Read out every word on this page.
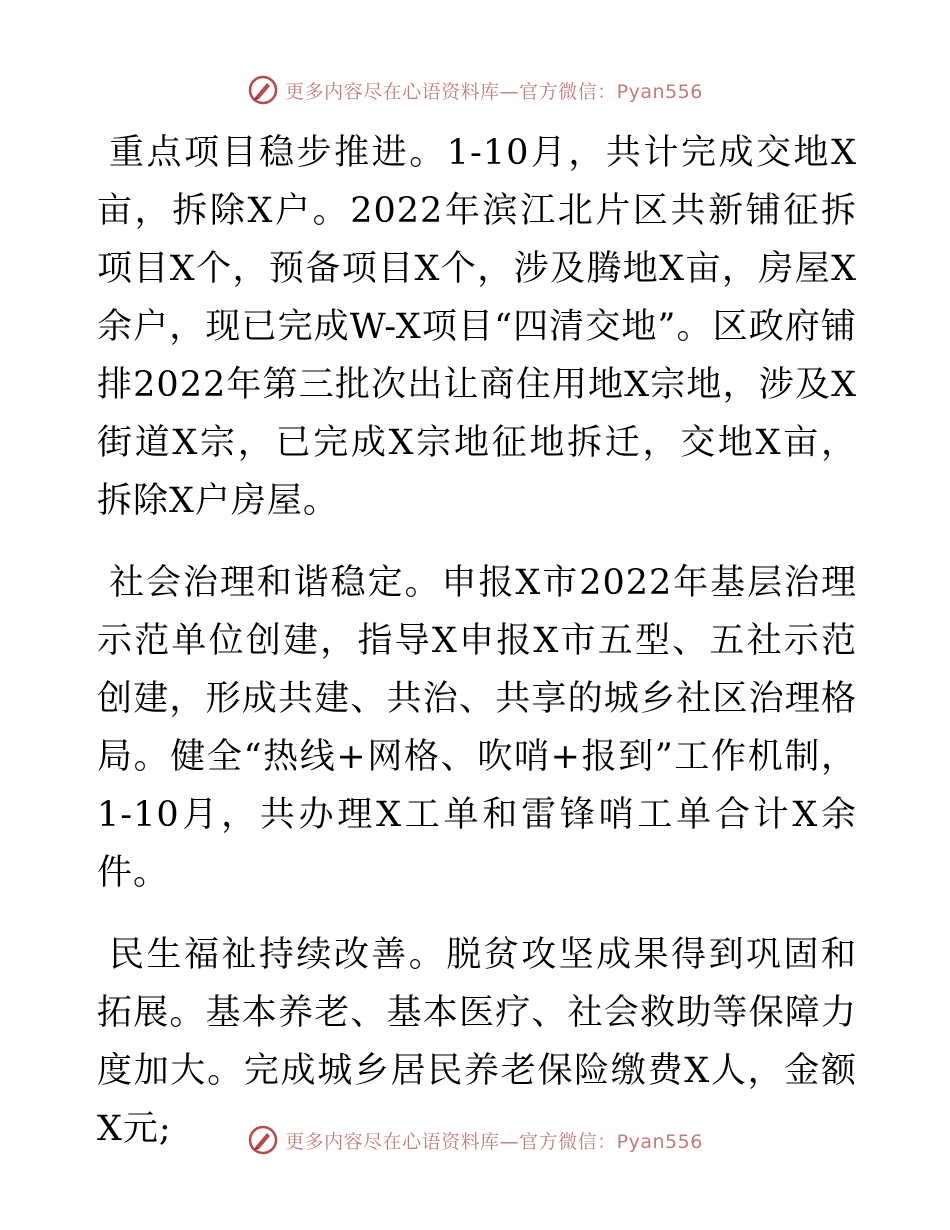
更多内容尽在心语资料库—官方微信：Pyan556

重点项目稳步推进。1-10月，共计完成交地X亩，拆除X户。2022年滨江北片区共新铺征拆项目X个，预备项目X个，涉及腾地X亩，房屋X余户，现已完成W-X项目“四清交地”。区政府铺排2022年第三批次出让商住用地X宗地，涉及X街道X宗，已完成X宗地征地拆迁，交地X亩，拆除X户房屋。

社会治理和谐稳定。申报X市2022年基层治理示范单位创建，指导X申报X市五型、五社示范创建，形成共建、共治、共享的城乡社区治理格局。健全“热线+网格、吹哨+报到”工作机制，1-10月，共办理X工单和雷锋哨工单合计X余件。

民生福祉持续改善。脱贫攻坚成果得到巩固和拓展。基本养老、基本医疗、社会救助等保障力度加大。完成城乡居民养老保险缴费X人，金额X元;	更多内容尽在心语资料库—官方微信：Pyan556
